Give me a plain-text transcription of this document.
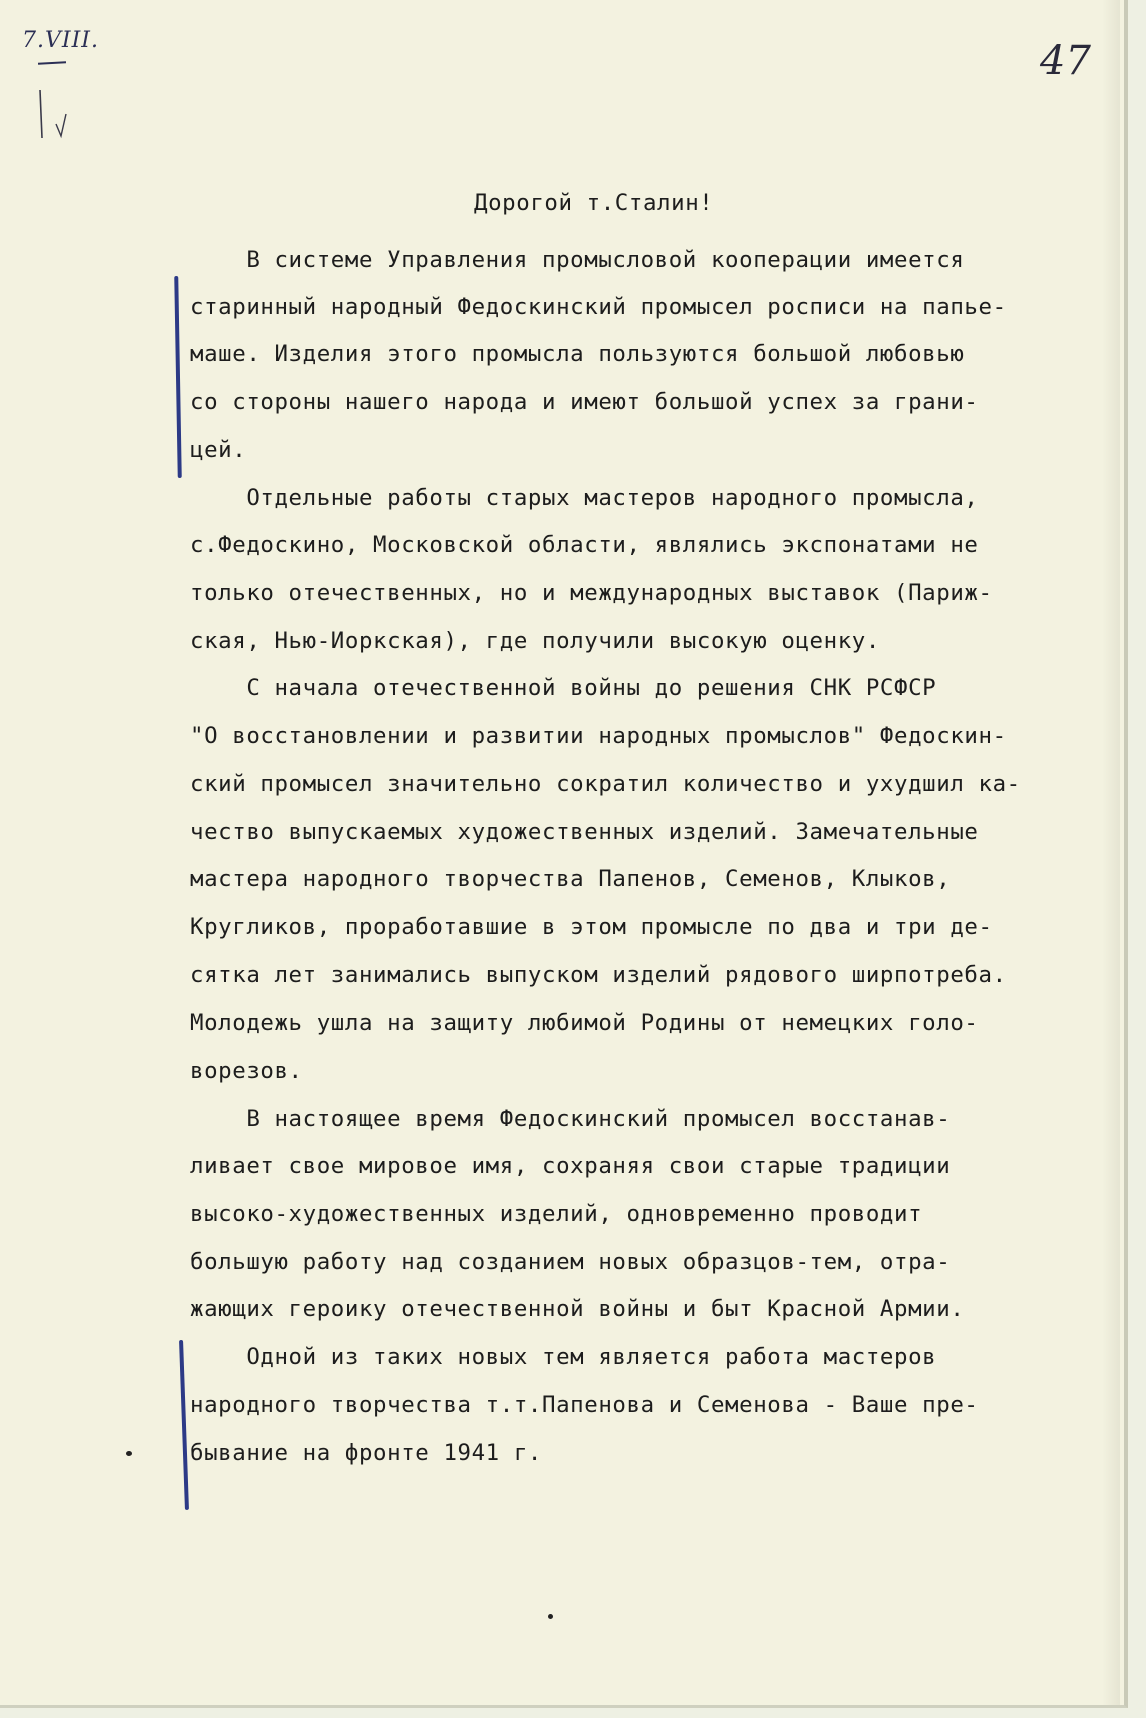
7.VIII.	47
Дорогой т.Сталин!
В системе Управления промысловой кооперации имеется
старинный народный Федоскинский промысел росписи на папье-
маше. Изделия этого промысла пользуются большой любовью
со стороны нашего народа и имеют большой успех за грани-
цей.
Отдельные работы старых мастеров народного промысла,
с.Федоскино, Московской области, являлись экспонатами не
только отечественных, но и международных выставок (Париж-
ская, Нью-Иоркская), где получили высокую оценку.
С начала отечественной войны до решения СНК РСФСР
"О восстановлении и развитии народных промыслов" Федоскин-
ский промысел значительно сократил количество и ухудшил ка-
чество выпускаемых художественных изделий. Замечательные
мастера народного творчества Папенов, Семенов, Клыков,
Кругликов, проработавшие в этом промысле по два и три де-
сятка лет занимались выпуском изделий рядового ширпотреба.
Молодежь ушла на защиту любимой Родины от немецких голо-
ворезов.
В настоящее время Федоскинский промысел восстанав-
ливает свое мировое имя, сохраняя свои старые традиции
высоко-художественных изделий, одновременно проводит
большую работу над созданием новых образцов-тем, отра-
жающих героику отечественной войны и быт Красной Армии.
Одной из таких новых тем является работа мастеров
народного творчества т.т.Папенова и Семенова - Ваше пре-
бывание на фронте 1941 г.
